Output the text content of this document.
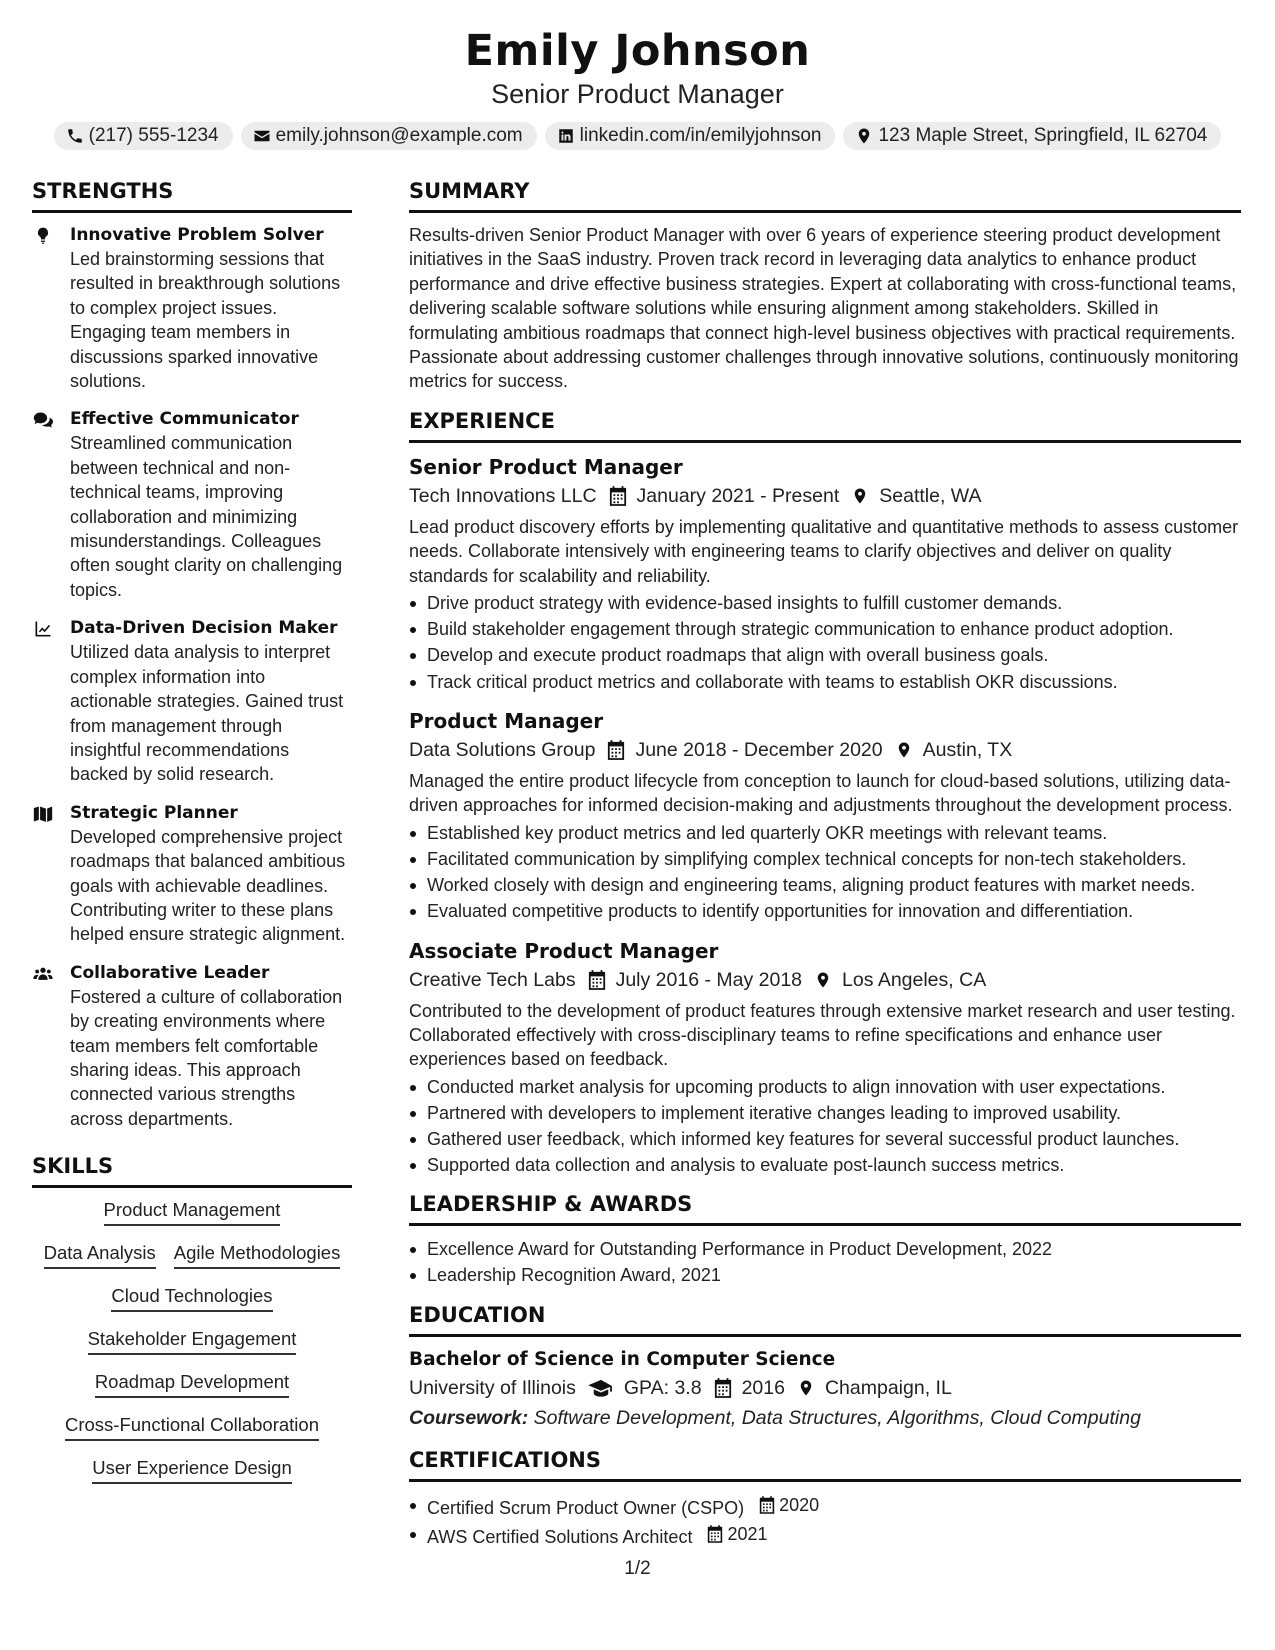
Emily Johnson
Senior Product Manager
(217) 555-1234	emily.johnson@example.com	linkedin.com/in/emilyjohnson	123 Maple Street, Springfield, IL 62704
STRENGTHS
Innovative Problem Solver
Led brainstorming sessions that resulted in breakthrough solutions to complex project issues. Engaging team members in discussions sparked innovative solutions.
Effective Communicator
Streamlined communication between technical and non-technical teams, improving collaboration and minimizing misunderstandings. Colleagues often sought clarity on challenging topics.
Data-Driven Decision Maker
Utilized data analysis to interpret complex information into actionable strategies. Gained trust from management through insightful recommendations backed by solid research.
Strategic Planner
Developed comprehensive project roadmaps that balanced ambitious goals with achievable deadlines. Contributing writer to these plans helped ensure strategic alignment.
Collaborative Leader
Fostered a culture of collaboration by creating environments where team members felt comfortable sharing ideas. This approach connected various strengths across departments.
SKILLS
Product Management
Data Analysis Agile Methodologies
Cloud Technologies
Stakeholder Engagement
Roadmap Development
Cross-Functional Collaboration
User Experience Design
SUMMARY
Results-driven Senior Product Manager with over 6 years of experience steering product development initiatives in the SaaS industry. Proven track record in leveraging data analytics to enhance product performance and drive effective business strategies. Expert at collaborating with cross-functional teams, delivering scalable software solutions while ensuring alignment among stakeholders. Skilled in formulating ambitious roadmaps that connect high-level business objectives with practical requirements. Passionate about addressing customer challenges through innovative solutions, continuously monitoring metrics for success.
EXPERIENCE
Senior Product Manager
Tech Innovations LLC January 2021 - Present Seattle, WA
Lead product discovery efforts by implementing qualitative and quantitative methods to assess customer needs. Collaborate intensively with engineering teams to clarify objectives and deliver on quality standards for scalability and reliability.
Drive product strategy with evidence-based insights to fulfill customer demands.
Build stakeholder engagement through strategic communication to enhance product adoption.
Develop and execute product roadmaps that align with overall business goals.
Track critical product metrics and collaborate with teams to establish OKR discussions.
Product Manager
Data Solutions Group June 2018 - December 2020 Austin, TX
Managed the entire product lifecycle from conception to launch for cloud-based solutions, utilizing data-driven approaches for informed decision-making and adjustments throughout the development process.
Established key product metrics and led quarterly OKR meetings with relevant teams.
Facilitated communication by simplifying complex technical concepts for non-tech stakeholders.
Worked closely with design and engineering teams, aligning product features with market needs.
Evaluated competitive products to identify opportunities for innovation and differentiation.
Associate Product Manager
Creative Tech Labs July 2016 - May 2018 Los Angeles, CA
Contributed to the development of product features through extensive market research and user testing. Collaborated effectively with cross-disciplinary teams to refine specifications and enhance user experiences based on feedback.
Conducted market analysis for upcoming products to align innovation with user expectations.
Partnered with developers to implement iterative changes leading to improved usability.
Gathered user feedback, which informed key features for several successful product launches.
Supported data collection and analysis to evaluate post-launch success metrics.
LEADERSHIP & AWARDS
Excellence Award for Outstanding Performance in Product Development, 2022
Leadership Recognition Award, 2021
EDUCATION
Bachelor of Science in Computer Science
University of Illinois GPA: 3.8 2016 Champaign, IL
Coursework: Software Development, Data Structures, Algorithms, Cloud Computing
CERTIFICATIONS
Certified Scrum Product Owner (CSPO) 2020
AWS Certified Solutions Architect 2021
1/2
